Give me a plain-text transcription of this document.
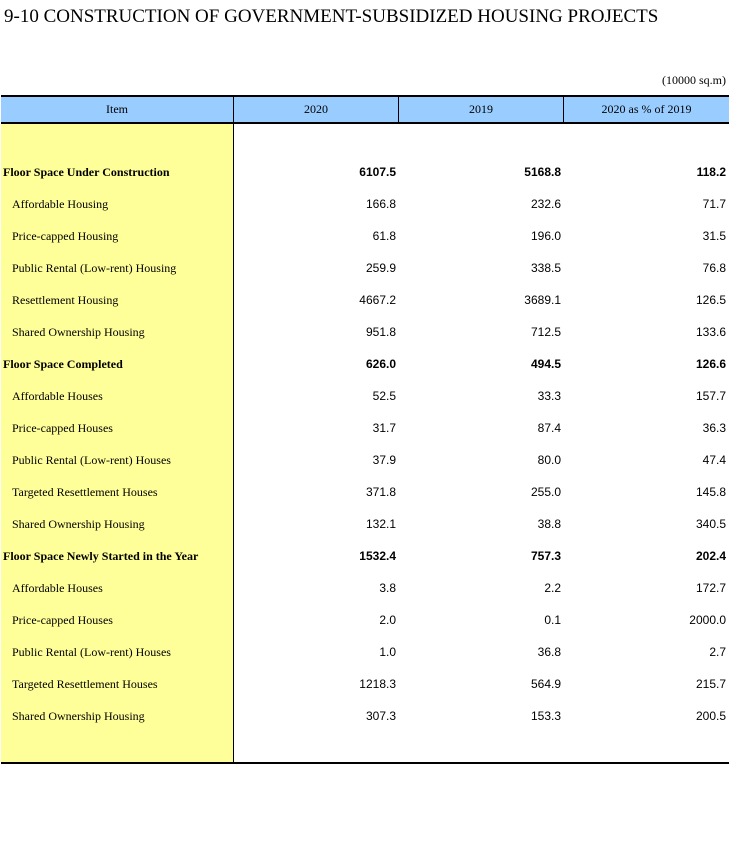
9-10 CONSTRUCTION OF GOVERNMENT-SUBSIDIZED HOUSING PROJECTS
(10000 sq.m)
Item	2020	2019	2020 as % of 2019
Floor Space Under Construction	6107.5	5168.8	118.2
Affordable Housing	166.8	232.6	71.7
Price-capped Housing	61.8	196.0	31.5
Public Rental (Low-rent) Housing	259.9	338.5	76.8
Resettlement Housing	4667.2	3689.1	126.5
Shared Ownership Housing	951.8	712.5	133.6
Floor Space Completed	626.0	494.5	126.6
Affordable Houses	52.5	33.3	157.7
Price-capped Houses	31.7	87.4	36.3
Public Rental (Low-rent) Houses	37.9	80.0	47.4
Targeted Resettlement Houses	371.8	255.0	145.8
Shared Ownership Housing	132.1	38.8	340.5
Floor Space Newly Started in the Year	1532.4	757.3	202.4
Affordable Houses	3.8	2.2	172.7
Price-capped Houses	2.0	0.1	2000.0
Public Rental (Low-rent) Houses	1.0	36.8	2.7
Targeted Resettlement Houses	1218.3	564.9	215.7
Shared Ownership Housing	307.3	153.3	200.5
